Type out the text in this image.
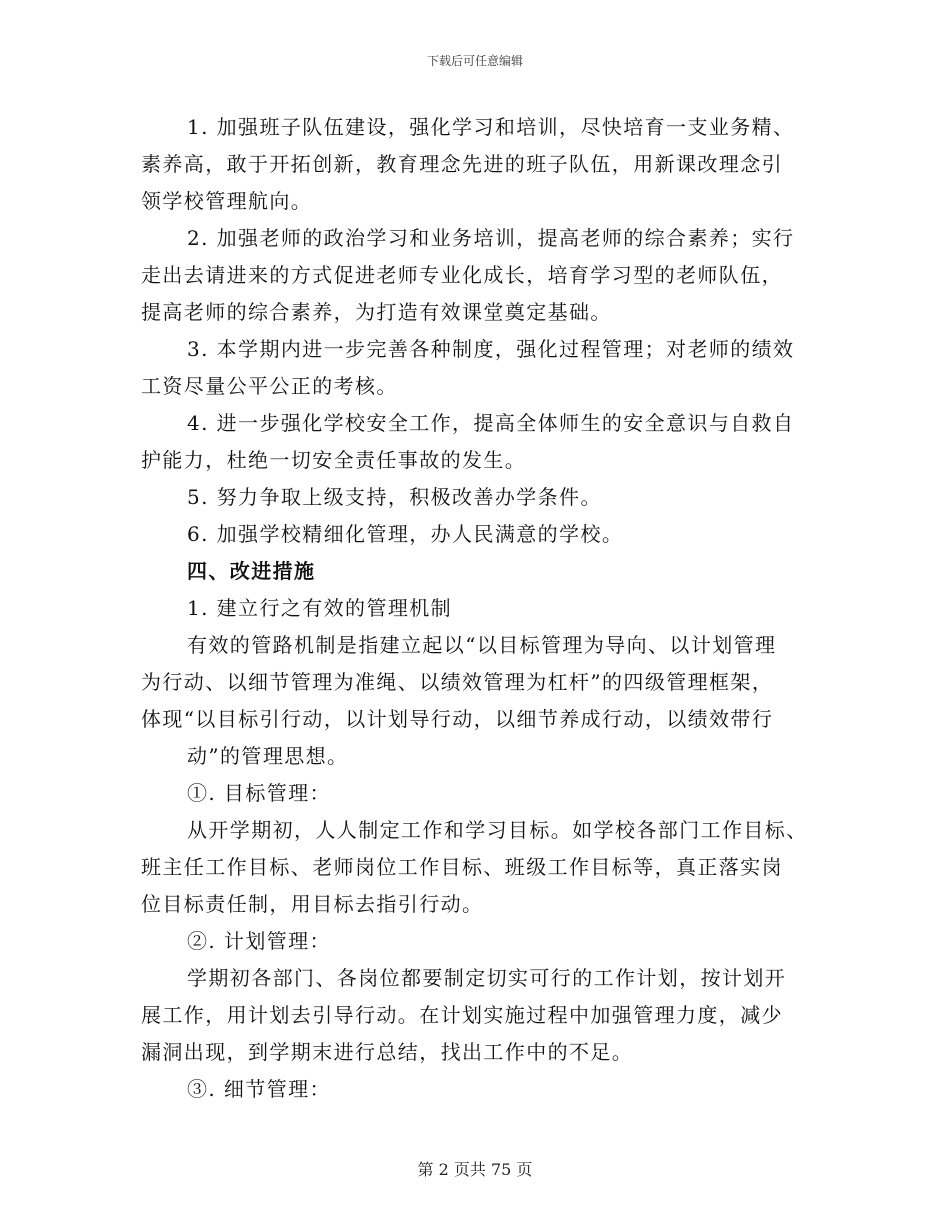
下载后可任意编辑
1. 加强班子队伍建设，强化学习和培训，尽快培育一支业务精、
素养高，敢于开拓创新，教育理念先进的班子队伍，用新课改理念引
领学校管理航向。
2. 加强老师的政治学习和业务培训，提高老师的综合素养；实行
走出去请进来的方式促进老师专业化成长，培育学习型的老师队伍，
提高老师的综合素养，为打造有效课堂奠定基础。
3. 本学期内进一步完善各种制度，强化过程管理；对老师的绩效
工资尽量公平公正的考核。
4. 进一步强化学校安全工作，提高全体师生的安全意识与自救自
护能力，杜绝一切安全责任事故的发生。
5. 努力争取上级支持，积极改善办学条件。
6. 加强学校精细化管理，办人民满意的学校。
四、改进措施
1. 建立行之有效的管理机制
有效的管路机制是指建立起以“以目标管理为导向、以计划管理
为行动、以细节管理为准绳、以绩效管理为杠杆”的四级管理框架，
体现“以目标引行动，以计划导行动，以细节养成行动，以绩效带行
动”的管理思想。
①. 目标管理：
从开学期初，人人制定工作和学习目标。如学校各部门工作目标、
班主任工作目标、老师岗位工作目标、班级工作目标等，真正落实岗
位目标责任制，用目标去指引行动。
②. 计划管理：
学期初各部门、各岗位都要制定切实可行的工作计划，按计划开
展工作，用计划去引导行动。在计划实施过程中加强管理力度，减少
漏洞出现，到学期末进行总结，找出工作中的不足。
③. 细节管理：
第 2 页共 75 页
